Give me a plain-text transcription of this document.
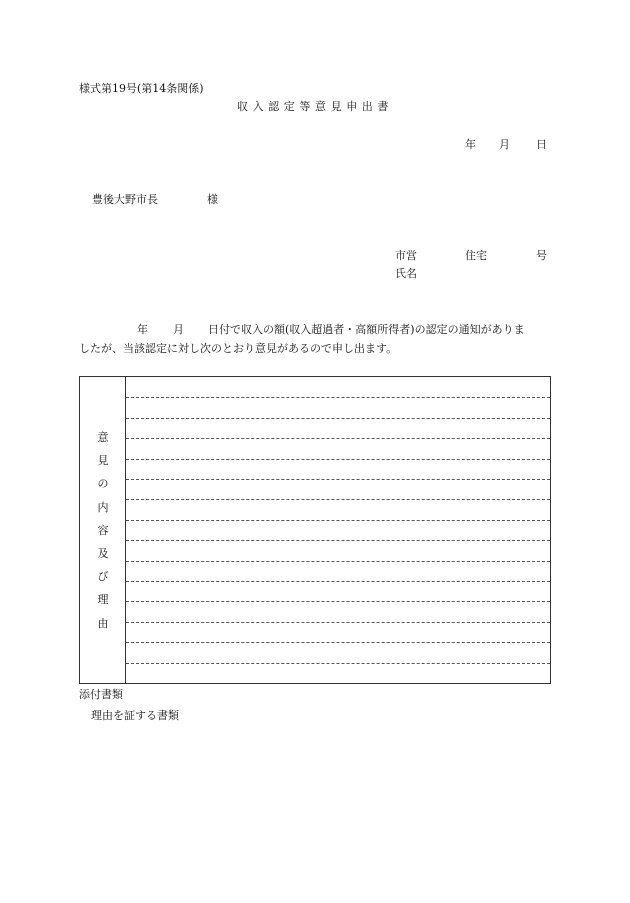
様式第19号(第14条関係)
収入認定等意見申出書
年 月 日
豊後大野市長	様
市営	住宅	号
氏名
年 月 日付で収入の額(収入超過者・高額所得者)の認定の通知がありま
したが、当該認定に対し次のとおり意見があるので申し出ます。
意
見
の
内
容
及
び
理
由
添付書類
理由を証する書類
